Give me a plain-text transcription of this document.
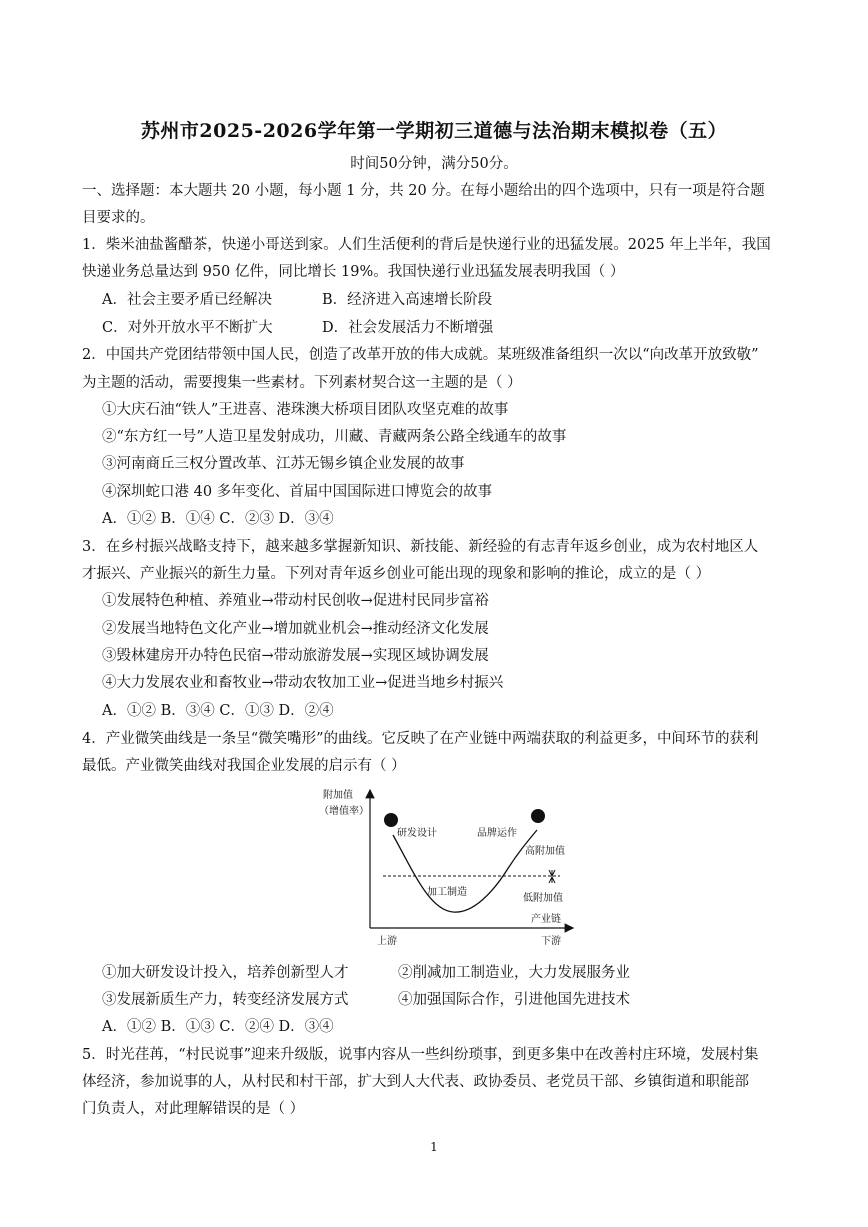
苏州市2025-2026学年第一学期初三道德与法治期末模拟卷（五）
时间50分钟，满分50分。
一、选择题：本大题共 20 小题，每小题 1 分，共 20 分。在每小题给出的四个选项中，只有一项是符合题
目要求的。
1．柴米油盐酱醋茶，快递小哥送到家。人们生活便利的背后是快递行业的迅猛发展。2025 年上半年，我国
快递业务总量达到 950 亿件，同比增长 19%。我国快递行业迅猛发展表明我国（ ）
A．社会主要矛盾已经解决	B．经济进入高速增长阶段
C．对外开放水平不断扩大	D．社会发展活力不断增强
2．中国共产党团结带领中国人民，创造了改革开放的伟大成就。某班级准备组织一次以“向改革开放致敬”
为主题的活动，需要搜集一些素材。下列素材契合这一主题的是（ ）
①大庆石油“铁人”王进喜、港珠澳大桥项目团队攻坚克难的故事
②“东方红一号”人造卫星发射成功，川藏、青藏两条公路全线通车的故事
③河南商丘三权分置改革、江苏无锡乡镇企业发展的故事
④深圳蛇口港 40 多年变化、首届中国国际进口博览会的故事
A．①② B．①④ C．②③ D．③④
3．在乡村振兴战略支持下，越来越多掌握新知识、新技能、新经验的有志青年返乡创业，成为农村地区人
才振兴、产业振兴的新生力量。下列对青年返乡创业可能出现的现象和影响的推论，成立的是（ ）
①发展特色种植、养殖业→带动村民创收→促进村民同步富裕
②发展当地特色文化产业→增加就业机会→推动经济文化发展
③毁林建房开办特色民宿→带动旅游发展→实现区域协调发展
④大力发展农业和畜牧业→带动农牧加工业→促进当地乡村振兴
A．①② B．③④ C．①③ D．②④
4．产业微笑曲线是一条呈“微笑嘴形”的曲线。它反映了在产业链中两端获取的利益更多，中间环节的获利
最低。产业微笑曲线对我国企业发展的启示有（ ）
附加值
（增值率）
研发设计	品牌运作
高附加值
加工制造
低附加值
产业链
上游	下游
①加大研发设计投入，培养创新型人才	②削减加工制造业，大力发展服务业
③发展新质生产力，转变经济发展方式	④加强国际合作，引进他国先进技术
A．①② B．①③ C．②④ D．③④
5．时光荏苒，“村民说事”迎来升级版，说事内容从一些纠纷琐事，到更多集中在改善村庄环境，发展村集
体经济，参加说事的人，从村民和村干部，扩大到人大代表、政协委员、老党员干部、乡镇街道和职能部
门负责人，对此理解错误的是（ ）
1
